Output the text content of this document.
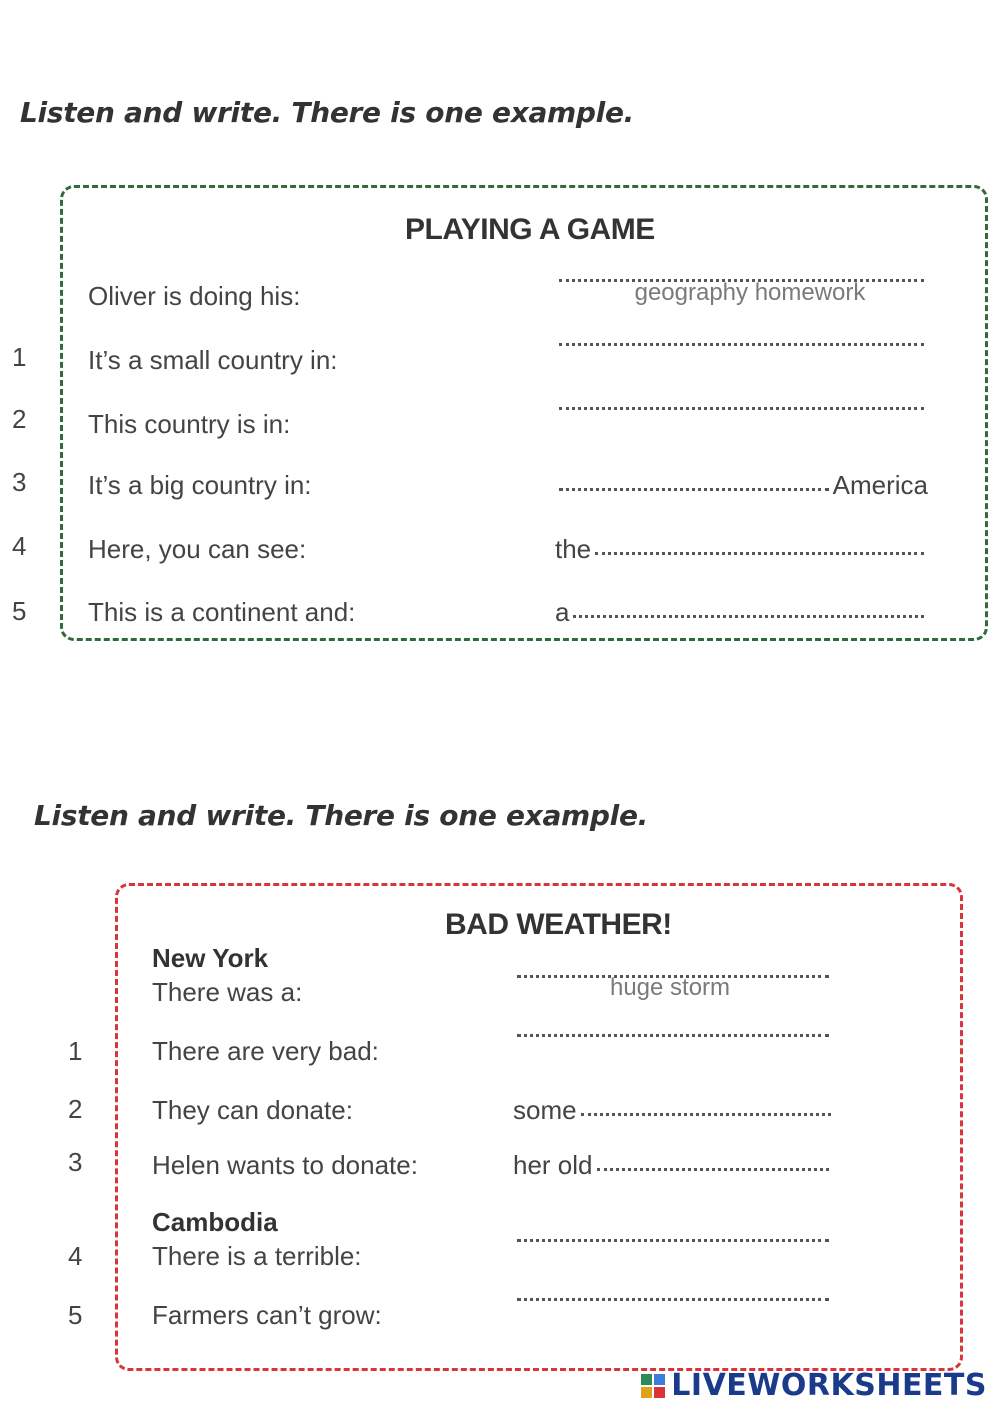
Listen and write. There is one example.
PLAYING A GAME
Oliver is doing his:	geography homework
1 It’s a small country in:
2 This country is in:
3 It’s a big country in:	America
4 Here, you can see:	the
5 This is a continent and:	a
Listen and write. There is one example.
BAD WEATHER!
New York
There was a:	huge storm
1	There are very bad:
2	They can donate:	some
3	Helen wants to donate:	her old
Cambodia
4	There is a terrible:
5	Farmers can’t grow:
LIVEWORKSHEETS
